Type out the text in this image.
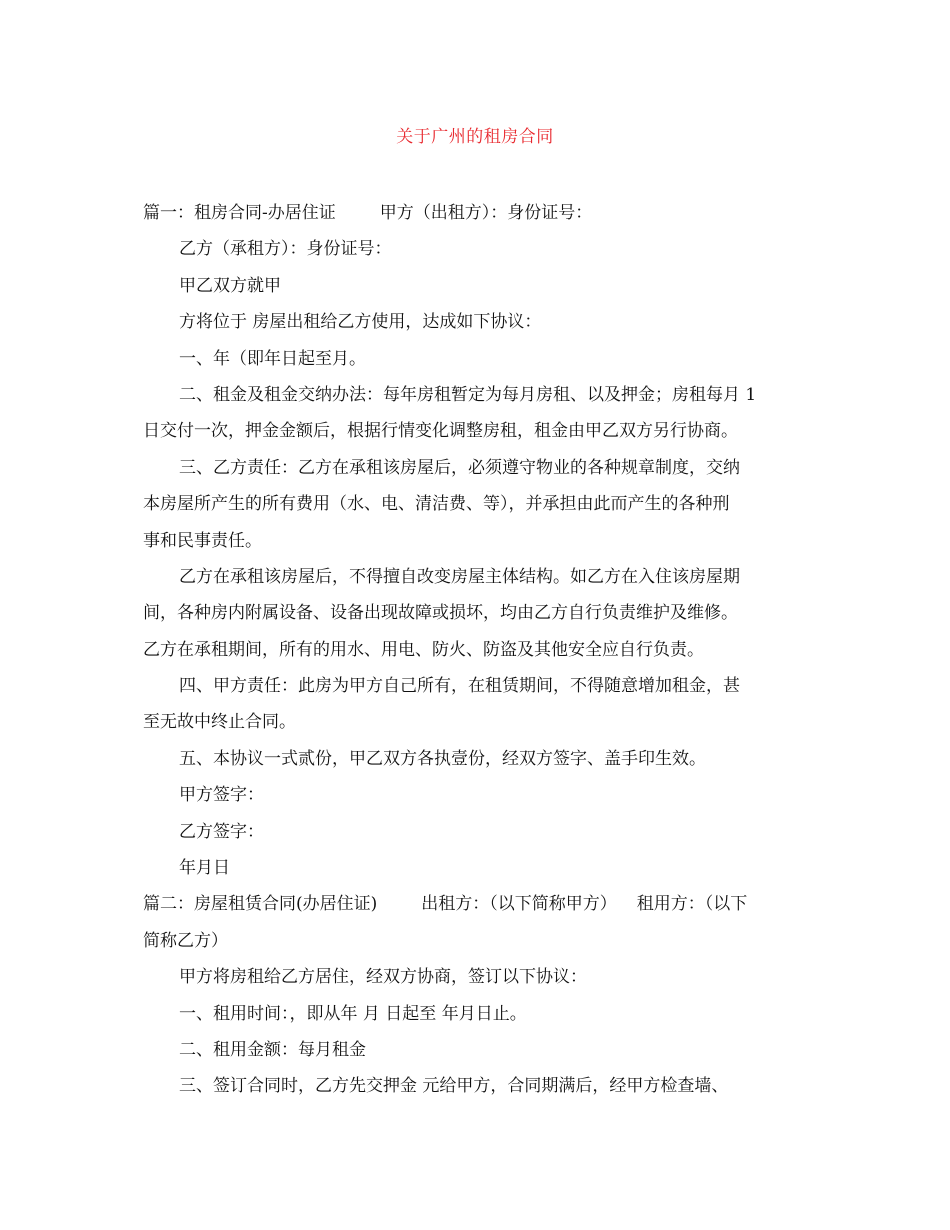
关于广州的租房合同
篇一：租房合同-办居住证	甲方（出租方）：身份证号：
乙方（承租方）：身份证号：
甲乙双方就甲
方将位于 房屋出租给乙方使用，达成如下协议：
一、年（即年日起至月。
二、租金及租金交纳办法：每年房租暂定为每月房租、以及押金；房租每月 1
日交付一次，押金金额后，根据行情变化调整房租，租金由甲乙双方另行协商。
三、乙方责任：乙方在承租该房屋后，必须遵守物业的各种规章制度，交纳
本房屋所产生的所有费用（水、电、清洁费、等），并承担由此而产生的各种刑
事和民事责任。
乙方在承租该房屋后，不得擅自改变房屋主体结构。如乙方在入住该房屋期
间，各种房内附属设备、设备出现故障或损坏，均由乙方自行负责维护及维修。
乙方在承租期间，所有的用水、用电、防火、防盗及其他安全应自行负责。
四、甲方责任：此房为甲方自己所有，在租赁期间，不得随意增加租金，甚
至无故中终止合同。
五、本协议一式贰份，甲乙双方各执壹份，经双方签字、盖手印生效。
甲方签字：
乙方签字：
年月日
篇二：房屋租赁合同(办居住证)	出租方：（以下简称甲方） 租用方：（以下
简称乙方）
甲方将房租给乙方居住，经双方协商，签订以下协议：
一、租用时间：，即从年 月 日起至 年月日止。
二、租用金额：每月租金
三、签订合同时，乙方先交押金 元给甲方，合同期满后，经甲方检查墙、
